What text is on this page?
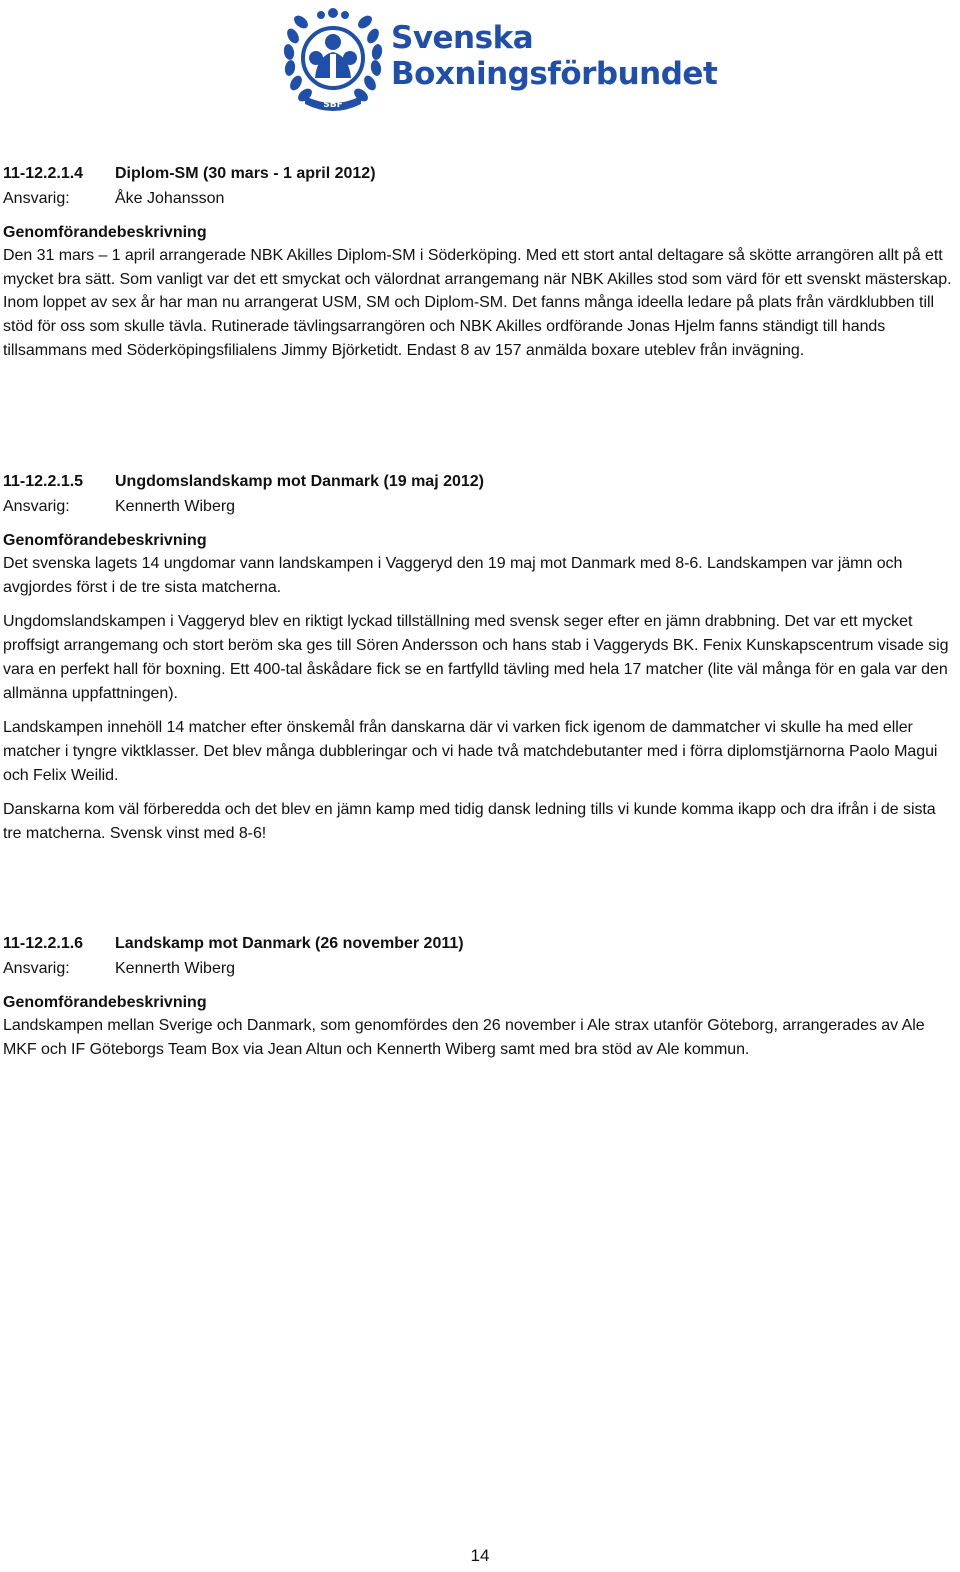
SBF
Svenska
Boxningsförbundet
11-12.2.1.4 Diplom-SM (30 mars - 1 april 2012)
Ansvarig:	Åke Johansson
Genomförandebeskrivning

Den 31 mars – 1 april arrangerade NBK Akilles Diplom-SM i Söderköping. Med ett stort antal deltagare så skötte arrangören allt på ett mycket bra sätt. Som vanligt var det ett smyckat och välordnat arrangemang när NBK Akilles stod som värd för ett svenskt mästerskap. Inom loppet av sex år har man nu arrangerat USM, SM och Diplom-SM. Det fanns många ideella ledare på plats från värdklubben till stöd för oss som skulle tävla. Rutinerade tävlingsarrangören och NBK Akilles ordförande Jonas Hjelm fanns ständigt till hands tillsammans med Söderköpingsfilialens Jimmy Björketidt. Endast 8 av 157 anmälda boxare uteblev från invägning.

11-12.2.1.5 Ungdomslandskamp mot Danmark (19 maj 2012)
Ansvarig:	Kennerth Wiberg
Genomförandebeskrivning

Det svenska lagets 14 ungdomar vann landskampen i Vaggeryd den 19 maj mot Danmark med 8-6. Landskampen var jämn och avgjordes först i de tre sista matcherna.

Ungdomslandskampen i Vaggeryd blev en riktigt lyckad tillställning med svensk seger efter en jämn drabbning. Det var ett mycket proffsigt arrangemang och stort beröm ska ges till Sören Andersson och hans stab i Vaggeryds BK. Fenix Kunskapscentrum visade sig vara en perfekt hall för boxning. Ett 400-tal åskådare fick se en fartfylld tävling med hela 17 matcher (lite väl många för en gala var den allmänna uppfattningen).

Landskampen innehöll 14 matcher efter önskemål från danskarna där vi varken fick igenom de dammatcher vi skulle ha med eller matcher i tyngre viktklasser. Det blev många dubbleringar och vi hade två matchdebutanter med i förra diplomstjärnorna Paolo Magui och Felix Weilid.

Danskarna kom väl förberedda och det blev en jämn kamp med tidig dansk ledning tills vi kunde komma ikapp och dra ifrån i de sista tre matcherna. Svensk vinst med 8-6!

11-12.2.1.6 Landskamp mot Danmark (26 november 2011)
Ansvarig:	Kennerth Wiberg
Genomförandebeskrivning

Landskampen mellan Sverige och Danmark, som genomfördes den 26 november i Ale strax utanför Göteborg, arrangerades av Ale MKF och IF Göteborgs Team Box via Jean Altun och Kennerth Wiberg samt med bra stöd av Ale kommun.

14
